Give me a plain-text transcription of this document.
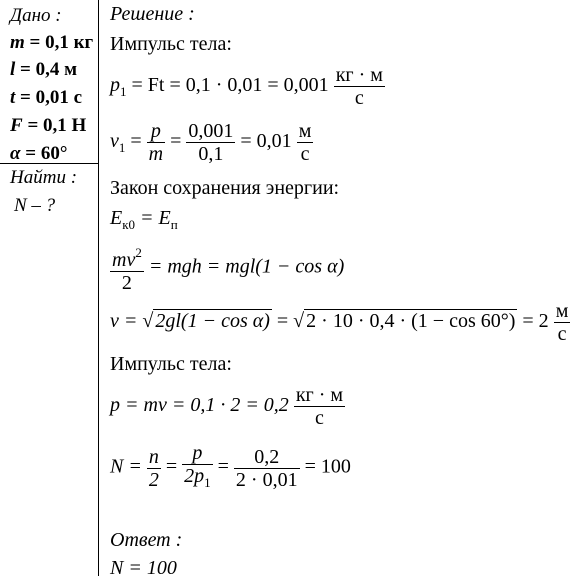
Дано :
m = 0,1 кг
l = 0,4 м
t = 0,01 с
F = 0,1 Н
α = 60°
Найти :
N – ?
Решение :
Импульс тела:
$p_1 = Ft = 0,1 \cdot 0,01 = 0,001 \frac{кг \cdot м}{с}$
$v_1 = \frac{p}{m} = \frac{0,001}{0,1} = 0,01 \frac{м}{с}$
Закон сохранения энергии:
$E_{к0} = E_п$
$\frac{mv^2}{2}$ = mgh = mgl(1 − cos α)
v = √ 2gl(1 − cos α) = √ $2 \cdot 10 \cdot 0,4 \cdot (1 - \cos 60^\circ) = 2 \frac{м}{с}$
Импульс тела:
p = mv = $0,1 \cdot 2 = 0,2 \frac{кг \cdot м}{с}$
$N = \frac{n}{2} = \frac{p}{2p_1} = \frac{0,2}{2 \cdot 0,01} = 100$
Ответ :
N = 100
